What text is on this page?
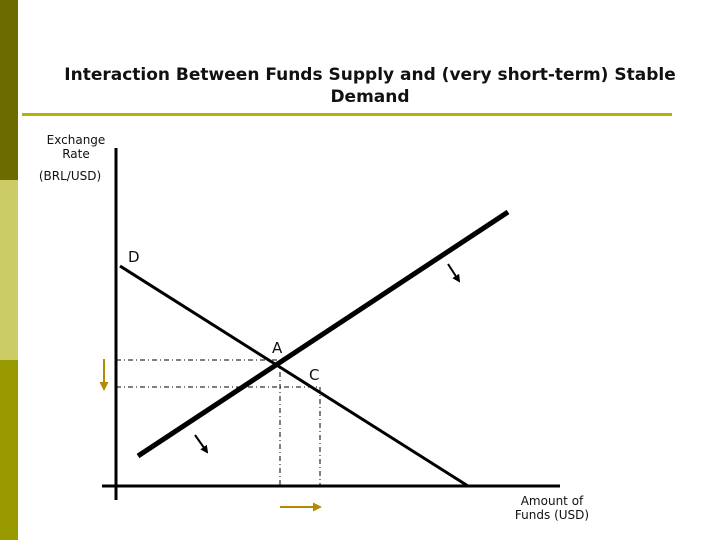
Interaction Between Funds Supply and (very short-term) Stable Demand
Exchange Rate
(BRL/USD)
Amount of Funds (USD)
D
A
C
